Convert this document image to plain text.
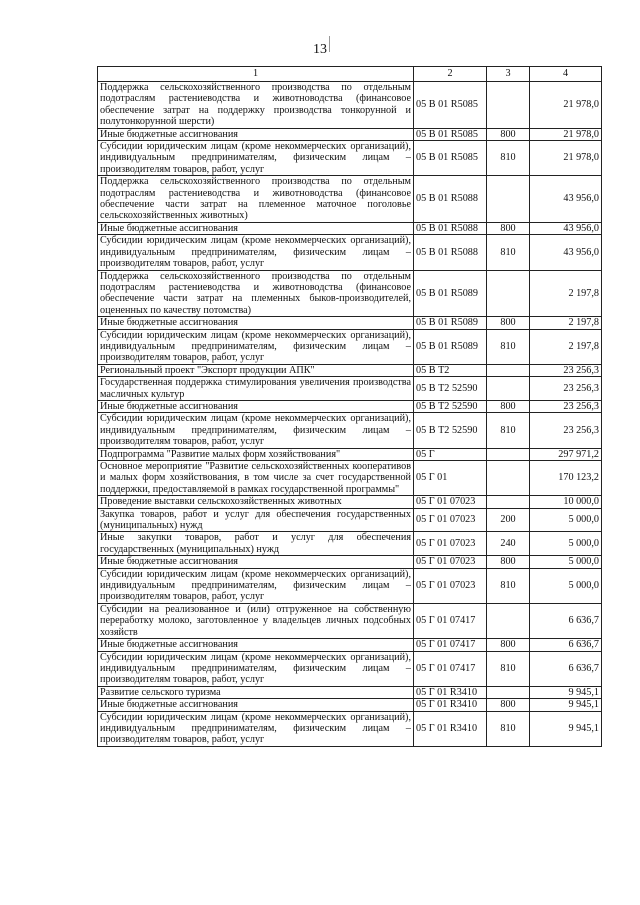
13
1	2	3	4
Поддержка сельскохозяйственного производства по отдельным подотраслям растениеводства и животноводства (финансовое обеспечение затрат на поддержку производства тонкорунной и полутонкорунной шерсти)	05 В 01 R5085		21 978,0
Иные бюджетные ассигнования	05 В 01 R5085	800	21 978,0
Субсидии юридическим лицам (кроме некоммерческих организаций), индивидуальным предпринимателям, физическим лицам – производителям товаров, работ, услуг	05 В 01 R5085	810	21 978,0
Поддержка сельскохозяйственного производства по отдельным подотраслям растениеводства и животноводства (финансовое обеспечение части затрат на племенное маточное поголовье сельскохозяйственных животных)	05 В 01 R5088		43 956,0
Иные бюджетные ассигнования	05 В 01 R5088	800	43 956,0
Субсидии юридическим лицам (кроме некоммерческих организаций), индивидуальным предпринимателям, физическим лицам – производителям товаров, работ, услуг	05 В 01 R5088	810	43 956,0
Поддержка сельскохозяйственного производства по отдельным подотраслям растениеводства и животноводства (финансовое обеспечение части затрат на племенных быков-производителей, оцененных по качеству потомства)	05 В 01 R5089		2 197,8
Иные бюджетные ассигнования	05 В 01 R5089	800	2 197,8
Субсидии юридическим лицам (кроме некоммерческих организаций), индивидуальным предпринимателям, физическим лицам – производителям товаров, работ, услуг	05 В 01 R5089	810	2 197,8
Региональный проект "Экспорт продукции АПК"	05 В Т2		23 256,3
Государственная поддержка стимулирования увеличения производства масличных культур	05 В Т2 52590		23 256,3
Иные бюджетные ассигнования	05 В Т2 52590	800	23 256,3
Субсидии юридическим лицам (кроме некоммерческих организаций), индивидуальным предпринимателям, физическим лицам – производителям товаров, работ, услуг	05 В Т2 52590	810	23 256,3
Подпрограмма "Развитие малых форм хозяйствования"	05 Г		297 971,2
Основное мероприятие "Развитие сельскохозяйственных кооперативов и малых форм хозяйствования, в том числе за счет государственной поддержки, предоставляемой в рамках государственной программы"	05 Г 01		170 123,2
Проведение выставки сельскохозяйственных животных	05 Г 01 07023		10 000,0
Закупка товаров, работ и услуг для обеспечения государственных (муниципальных) нужд	05 Г 01 07023	200	5 000,0
Иные закупки товаров, работ и услуг для обеспечения государственных (муниципальных) нужд	05 Г 01 07023	240	5 000,0
Иные бюджетные ассигнования	05 Г 01 07023	800	5 000,0
Субсидии юридическим лицам (кроме некоммерческих организаций), индивидуальным предпринимателям, физическим лицам – производителям товаров, работ, услуг	05 Г 01 07023	810	5 000,0
Субсидии на реализованное и (или) отгруженное на собственную переработку молоко, заготовленное у владельцев личных подсобных хозяйств	05 Г 01 07417		6 636,7
Иные бюджетные ассигнования	05 Г 01 07417	800	6 636,7
Субсидии юридическим лицам (кроме некоммерческих организаций), индивидуальным предпринимателям, физическим лицам – производителям товаров, работ, услуг	05 Г 01 07417	810	6 636,7
Развитие сельского туризма	05 Г 01 R3410		9 945,1
Иные бюджетные ассигнования	05 Г 01 R3410	800	9 945,1
Субсидии юридическим лицам (кроме некоммерческих организаций), индивидуальным предпринимателям, физическим лицам – производителям товаров, работ, услуг	05 Г 01 R3410	810	9 945,1
